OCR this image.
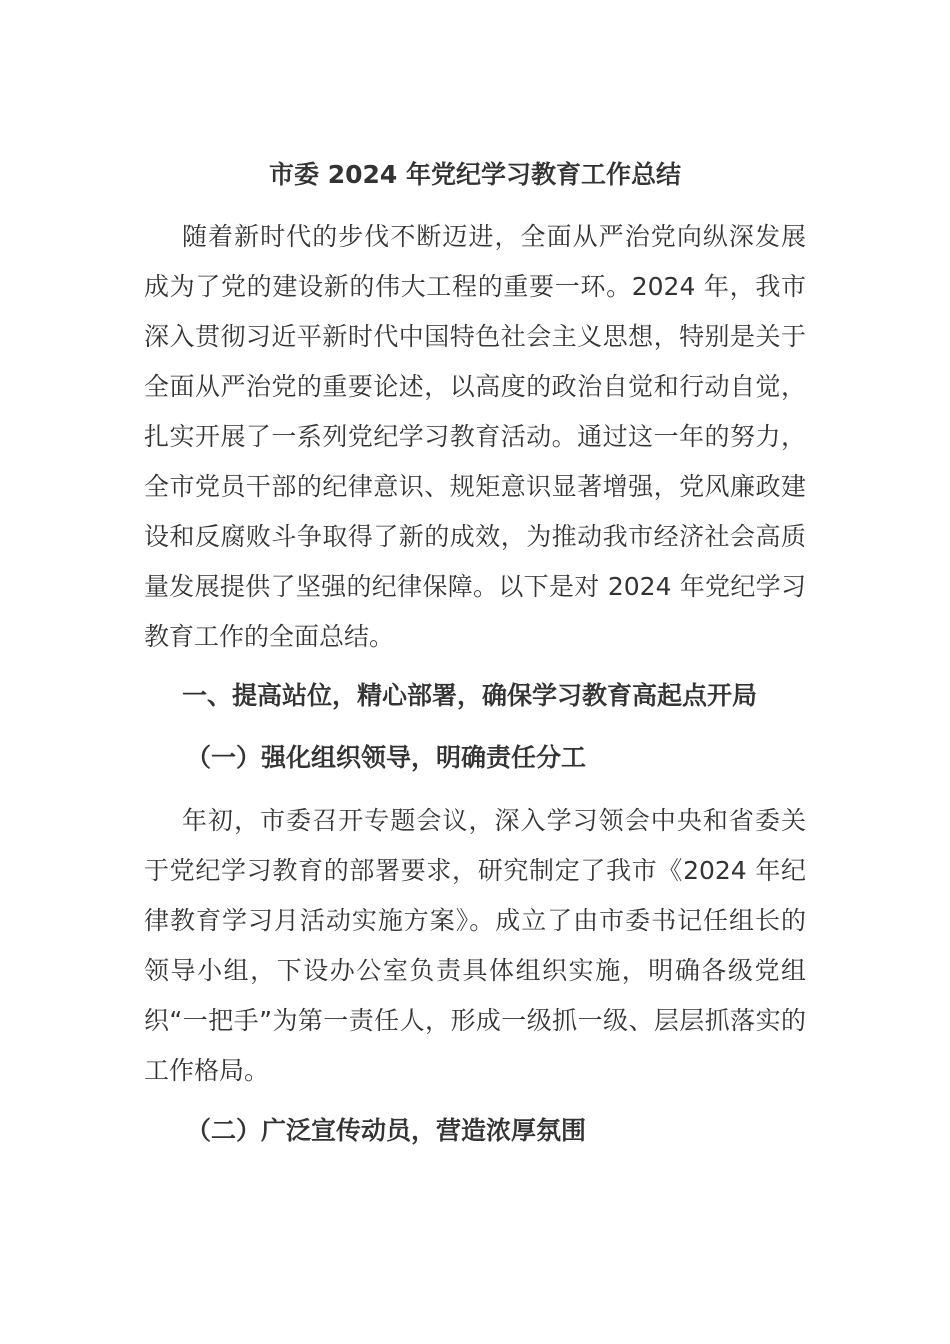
市委 2024 年党纪学习教育工作总结

随着新时代的步伐不断迈进，全面从严治党向纵深发展成为了党的建设新的伟大工程的重要一环。2024 年，我市深入贯彻习近平新时代中国特色社会主义思想，特别是关于全面从严治党的重要论述，以高度的政治自觉和行动自觉，扎实开展了一系列党纪学习教育活动。通过这一年的努力，全市党员干部的纪律意识、规矩意识显著增强，党风廉政建设和反腐败斗争取得了新的成效，为推动我市经济社会高质量发展提供了坚强的纪律保障。以下是对 2024 年党纪学习教育工作的全面总结。

一、提高站位，精心部署，确保学习教育高起点开局
（一）强化组织领导，明确责任分工

年初，市委召开专题会议，深入学习领会中央和省委关于党纪学习教育的部署要求，研究制定了我市《2024 年纪律教育学习月活动实施方案》。成立了由市委书记任组长的领导小组，下设办公室负责具体组织实施，明确各级党组织“一把手”为第一责任人，形成一级抓一级、层层抓落实的工作格局。

（二）广泛宣传动员，营造浓厚氛围
